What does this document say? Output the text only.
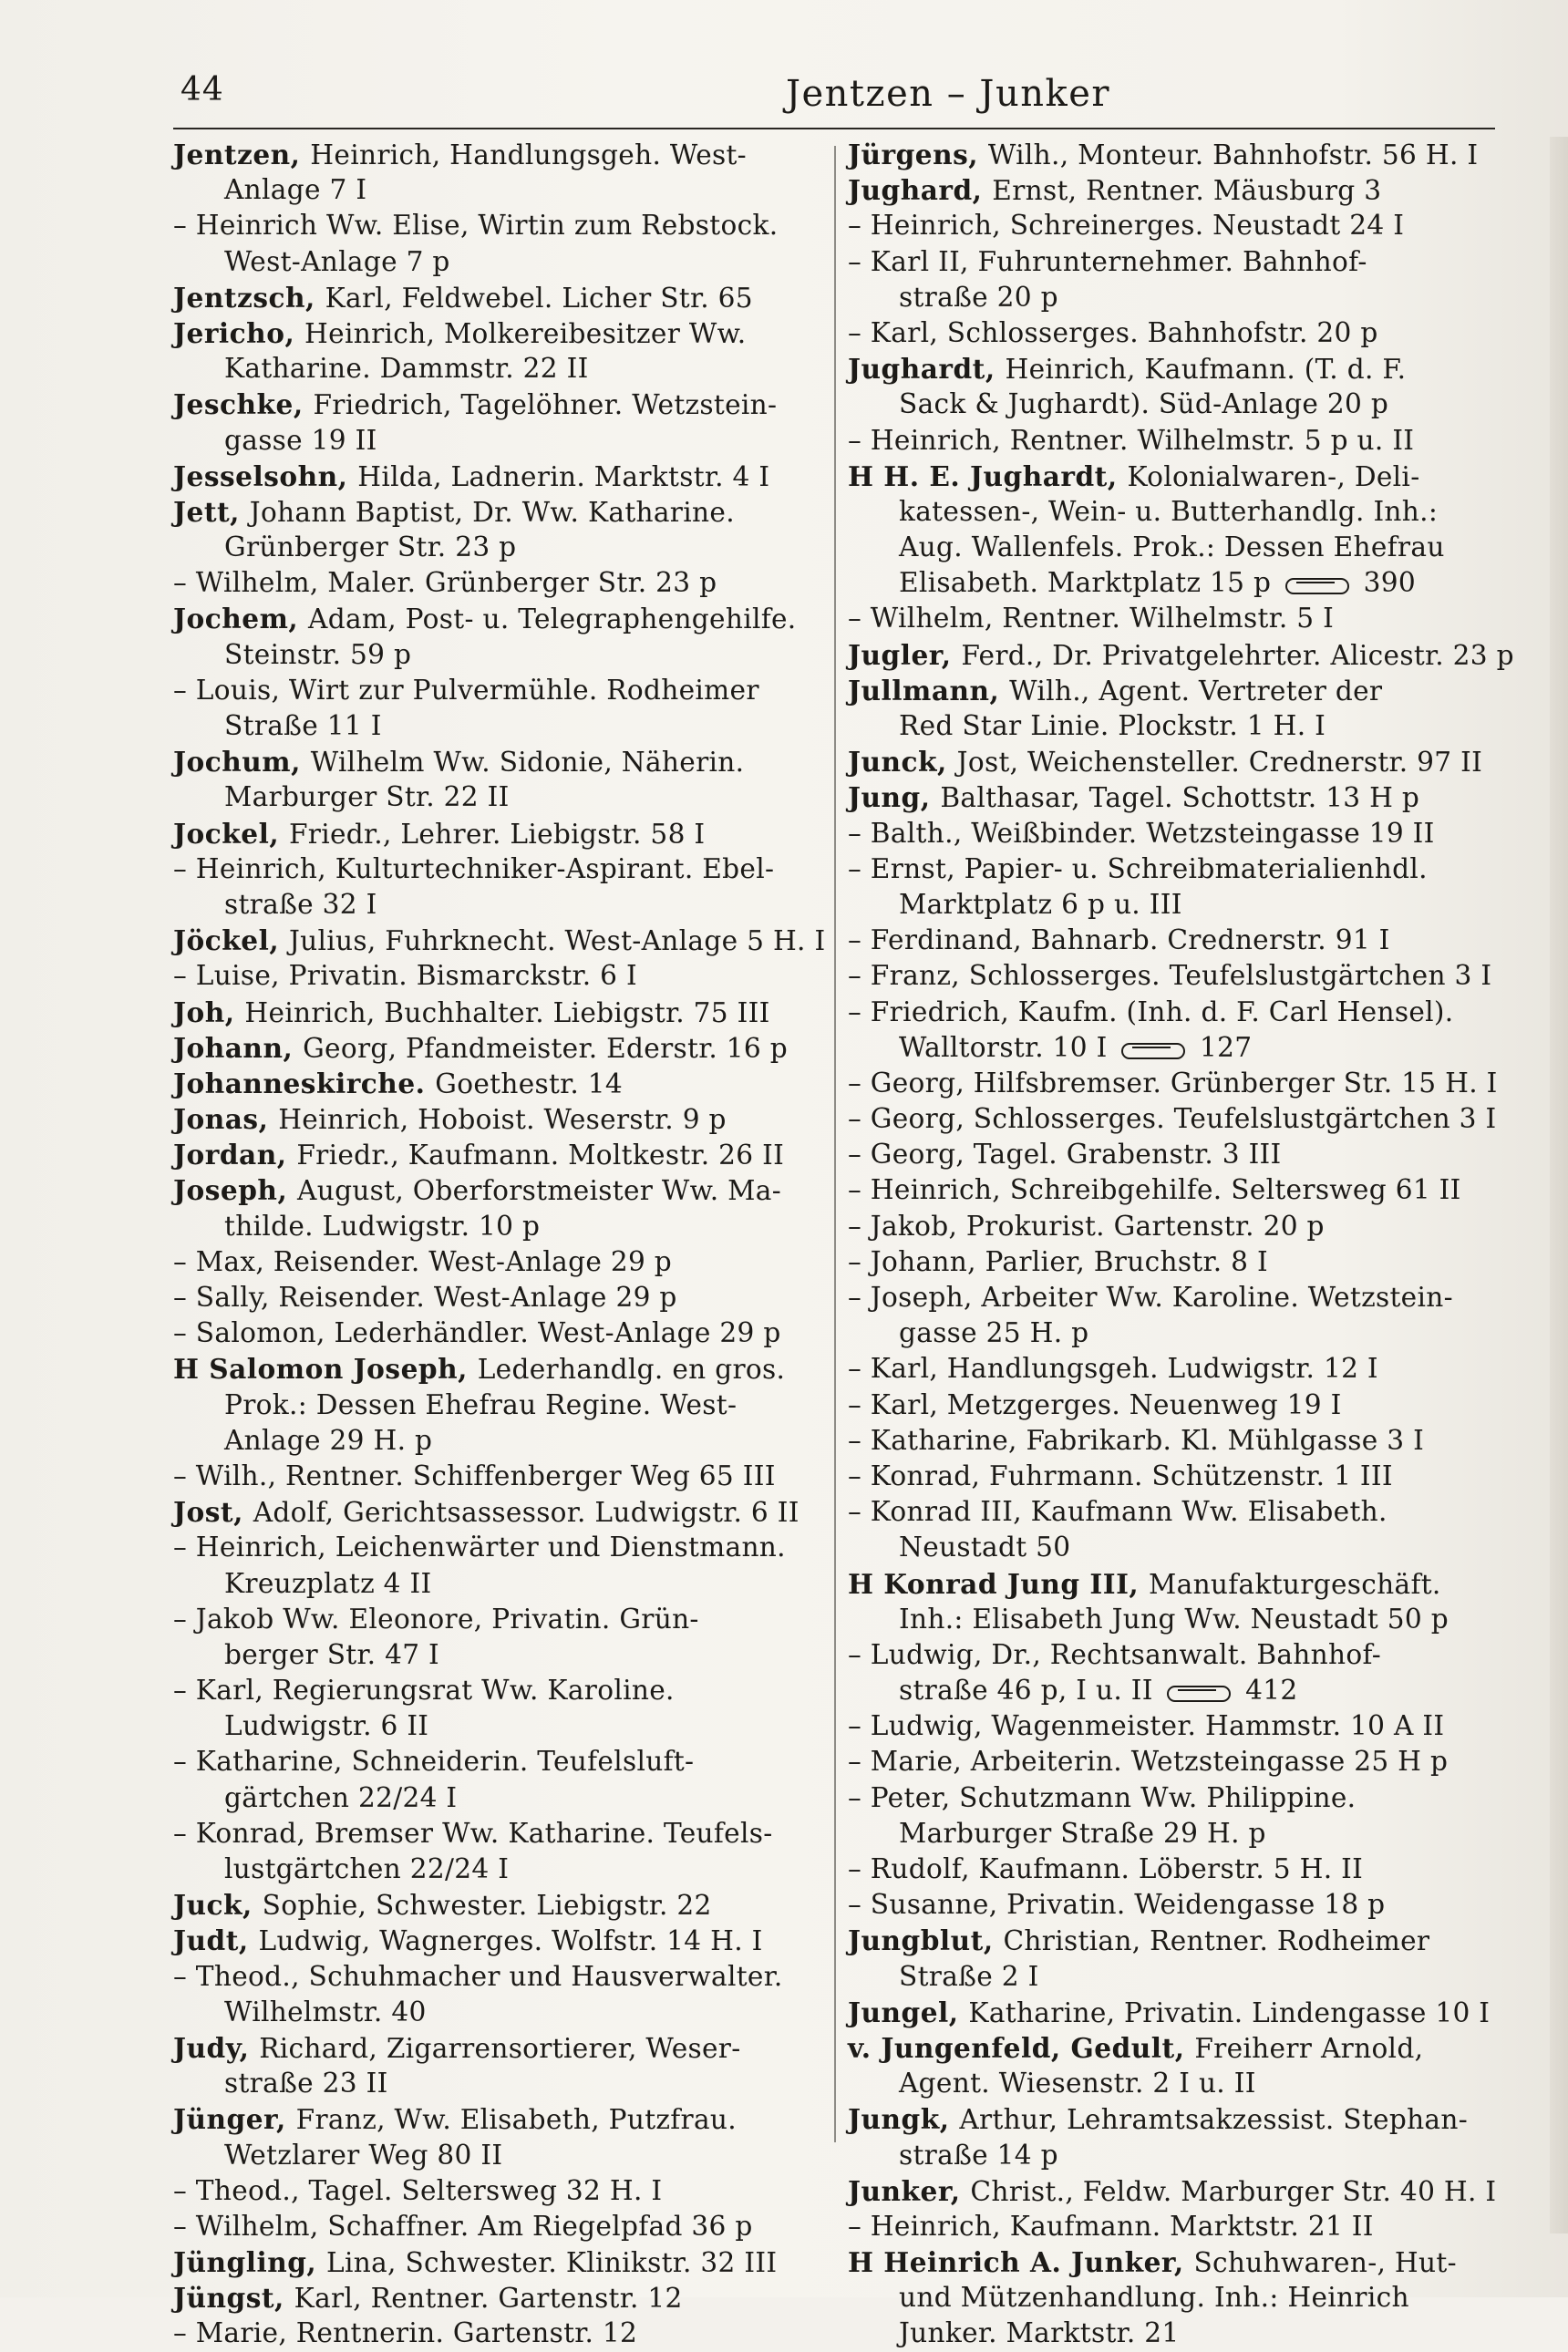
44	Jentzen – Junker
Jentzen, Heinrich, Handlungsgeh. West-
Anlage 7 I
– Heinrich Ww. Elise, Wirtin zum Rebstock.
West-Anlage 7 p
Jentzsch, Karl, Feldwebel. Licher Str. 65
Jericho, Heinrich, Molkereibesitzer Ww.
Katharine. Dammstr. 22 II
Jeschke, Friedrich, Tagelöhner. Wetzstein-
gasse 19 II
Jesselsohn, Hilda, Ladnerin. Marktstr. 4 I
Jett, Johann Baptist, Dr. Ww. Katharine.
Grünberger Str. 23 p
– Wilhelm, Maler. Grünberger Str. 23 p
Jochem, Adam, Post- u. Telegraphengehilfe.
Steinstr. 59 p
– Louis, Wirt zur Pulvermühle. Rodheimer
Straße 11 I
Jochum, Wilhelm Ww. Sidonie, Näherin.
Marburger Str. 22 II
Jockel, Friedr., Lehrer. Liebigstr. 58 I
– Heinrich, Kulturtechniker-Aspirant. Ebel-
straße 32 I
Jöckel, Julius, Fuhrknecht. West-Anlage 5 H. I
– Luise, Privatin. Bismarckstr. 6 I
Joh, Heinrich, Buchhalter. Liebigstr. 75 III
Johann, Georg, Pfandmeister. Ederstr. 16 p
Johanneskirche. Goethestr. 14
Jonas, Heinrich, Hoboist. Weserstr. 9 p
Jordan, Friedr., Kaufmann. Moltkestr. 26 II
Joseph, August, Oberforstmeister Ww. Ma-
thilde. Ludwigstr. 10 p
– Max, Reisender. West-Anlage 29 p
– Sally, Reisender. West-Anlage 29 p
– Salomon, Lederhändler. West-Anlage 29 p
H Salomon Joseph, Lederhandlg. en gros.
Prok.: Dessen Ehefrau Regine. West-
Anlage 29 H. p
– Wilh., Rentner. Schiffenberger Weg 65 III
Jost, Adolf, Gerichtsassessor. Ludwigstr. 6 II
– Heinrich, Leichenwärter und Dienstmann.
Kreuzplatz 4 II
– Jakob Ww. Eleonore, Privatin. Grün-
berger Str. 47 I
– Karl, Regierungsrat Ww. Karoline.
Ludwigstr. 6 II
– Katharine, Schneiderin. Teufelsluft-
gärtchen 22/24 I
– Konrad, Bremser Ww. Katharine. Teufels-
lustgärtchen 22/24 I
Juck, Sophie, Schwester. Liebigstr. 22
Judt, Ludwig, Wagnerges. Wolfstr. 14 H. I
– Theod., Schuhmacher und Hausverwalter.
Wilhelmstr. 40
Judy, Richard, Zigarrensortierer, Weser-
straße 23 II
Jünger, Franz, Ww. Elisabeth, Putzfrau.
Wetzlarer Weg 80 II
– Theod., Tagel. Seltersweg 32 H. I
– Wilhelm, Schaffner. Am Riegelpfad 36 p
Jüngling, Lina, Schwester. Klinikstr. 32 III
Jüngst, Karl, Rentner. Gartenstr. 12
– Marie, Rentnerin. Gartenstr. 12
Jürgens, Wilh., Monteur. Bahnhofstr. 56 H. I
Jughard, Ernst, Rentner. Mäusburg 3
– Heinrich, Schreinerges. Neustadt 24 I
– Karl II, Fuhrunternehmer. Bahnhof-
straße 20 p
– Karl, Schlosserges. Bahnhofstr. 20 p
Jughardt, Heinrich, Kaufmann. (T. d. F.
Sack & Jughardt). Süd-Anlage 20 p
– Heinrich, Rentner. Wilhelmstr. 5 p u. II
H H. E. Jughardt, Kolonialwaren-, Deli-
katessen-, Wein- u. Butterhandlg. Inh.:
Aug. Wallenfels. Prok.: Dessen Ehefrau
Elisabeth. Marktplatz 15 p	390
– Wilhelm, Rentner. Wilhelmstr. 5 I
Jugler, Ferd., Dr. Privatgelehrter. Alicestr. 23 p
Jullmann, Wilh., Agent. Vertreter der
Red Star Linie. Plockstr. 1 H. I
Junck, Jost, Weichensteller. Crednerstr. 97 II
Jung, Balthasar, Tagel. Schottstr. 13 H p
– Balth., Weißbinder. Wetzsteingasse 19 II
– Ernst, Papier- u. Schreibmaterialienhdl.
Marktplatz 6 p u. III
– Ferdinand, Bahnarb. Crednerstr. 91 I
– Franz, Schlosserges. Teufelslustgärtchen 3 I
– Friedrich, Kaufm. (Inh. d. F. Carl Hensel).
Walltorstr. 10 I	127
– Georg, Hilfsbremser. Grünberger Str. 15 H. I
– Georg, Schlosserges. Teufelslustgärtchen 3 I
– Georg, Tagel. Grabenstr. 3 III
– Heinrich, Schreibgehilfe. Seltersweg 61 II
– Jakob, Prokurist. Gartenstr. 20 p
– Johann, Parlier, Bruchstr. 8 I
– Joseph, Arbeiter Ww. Karoline. Wetzstein-
gasse 25 H. p
– Karl, Handlungsgeh. Ludwigstr. 12 I
– Karl, Metzgerges. Neuenweg 19 I
– Katharine, Fabrikarb. Kl. Mühlgasse 3 I
– Konrad, Fuhrmann. Schützenstr. 1 III
– Konrad III, Kaufmann Ww. Elisabeth.
Neustadt 50
H Konrad Jung III, Manufakturgeschäft.
Inh.: Elisabeth Jung Ww. Neustadt 50 p
– Ludwig, Dr., Rechtsanwalt. Bahnhof-
straße 46 p, I u. II	412
– Ludwig, Wagenmeister. Hammstr. 10 A II
– Marie, Arbeiterin. Wetzsteingasse 25 H p
– Peter, Schutzmann Ww. Philippine.
Marburger Straße 29 H. p
– Rudolf, Kaufmann. Löberstr. 5 H. II
– Susanne, Privatin. Weidengasse 18 p
Jungblut, Christian, Rentner. Rodheimer
Straße 2 I
Jungel, Katharine, Privatin. Lindengasse 10 I
v. Jungenfeld, Gedult, Freiherr Arnold,
Agent. Wiesenstr. 2 I u. II
Jungk, Arthur, Lehramtsakzessist. Stephan-
straße 14 p
Junker, Christ., Feldw. Marburger Str. 40 H. I
– Heinrich, Kaufmann. Marktstr. 21 II
H Heinrich A. Junker, Schuhwaren-, Hut-
und Mützenhandlung. Inh.: Heinrich
Junker. Marktstr. 21
